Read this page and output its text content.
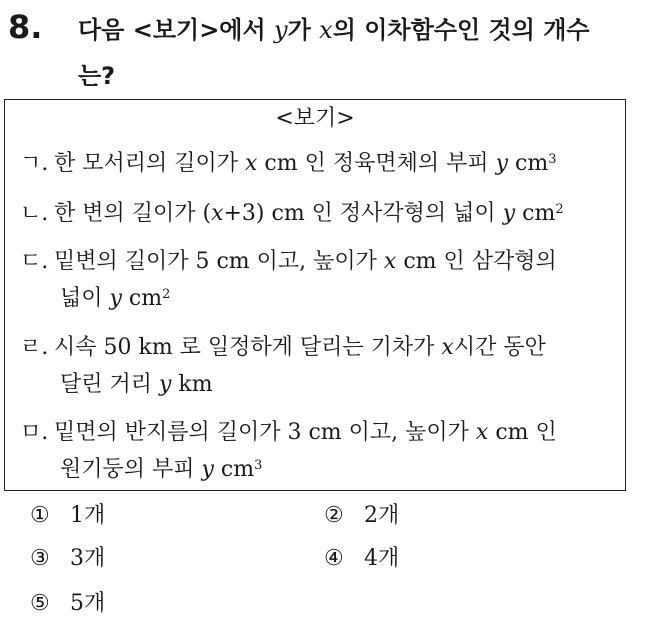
8. 다음 <보기>에서 y가 x의 이차함수인 것의 개수
는?
<보기>
ㄱ. 한 모서리의 길이가 x cm 인 정육면체의 부피 y $cm^3$
ㄴ. 한 변의 길이가 (x+3) cm 인 정사각형의 넓이 y $cm^2$
ㄷ. 밑변의 길이가 5 cm 이고, 높이가 x cm 인 삼각형의
넓이 y $cm^2$
ㄹ. 시속 50 km 로 일정하게 달리는 기차가 x시간 동안
달린 거리 y km
ㅁ. 밑면의 반지름의 길이가 3 cm 이고, 높이가 x cm 인
원기둥의 부피 y $cm^3$
① 1개	② 2개
③ 3개	④ 4개
⑤ 5개
